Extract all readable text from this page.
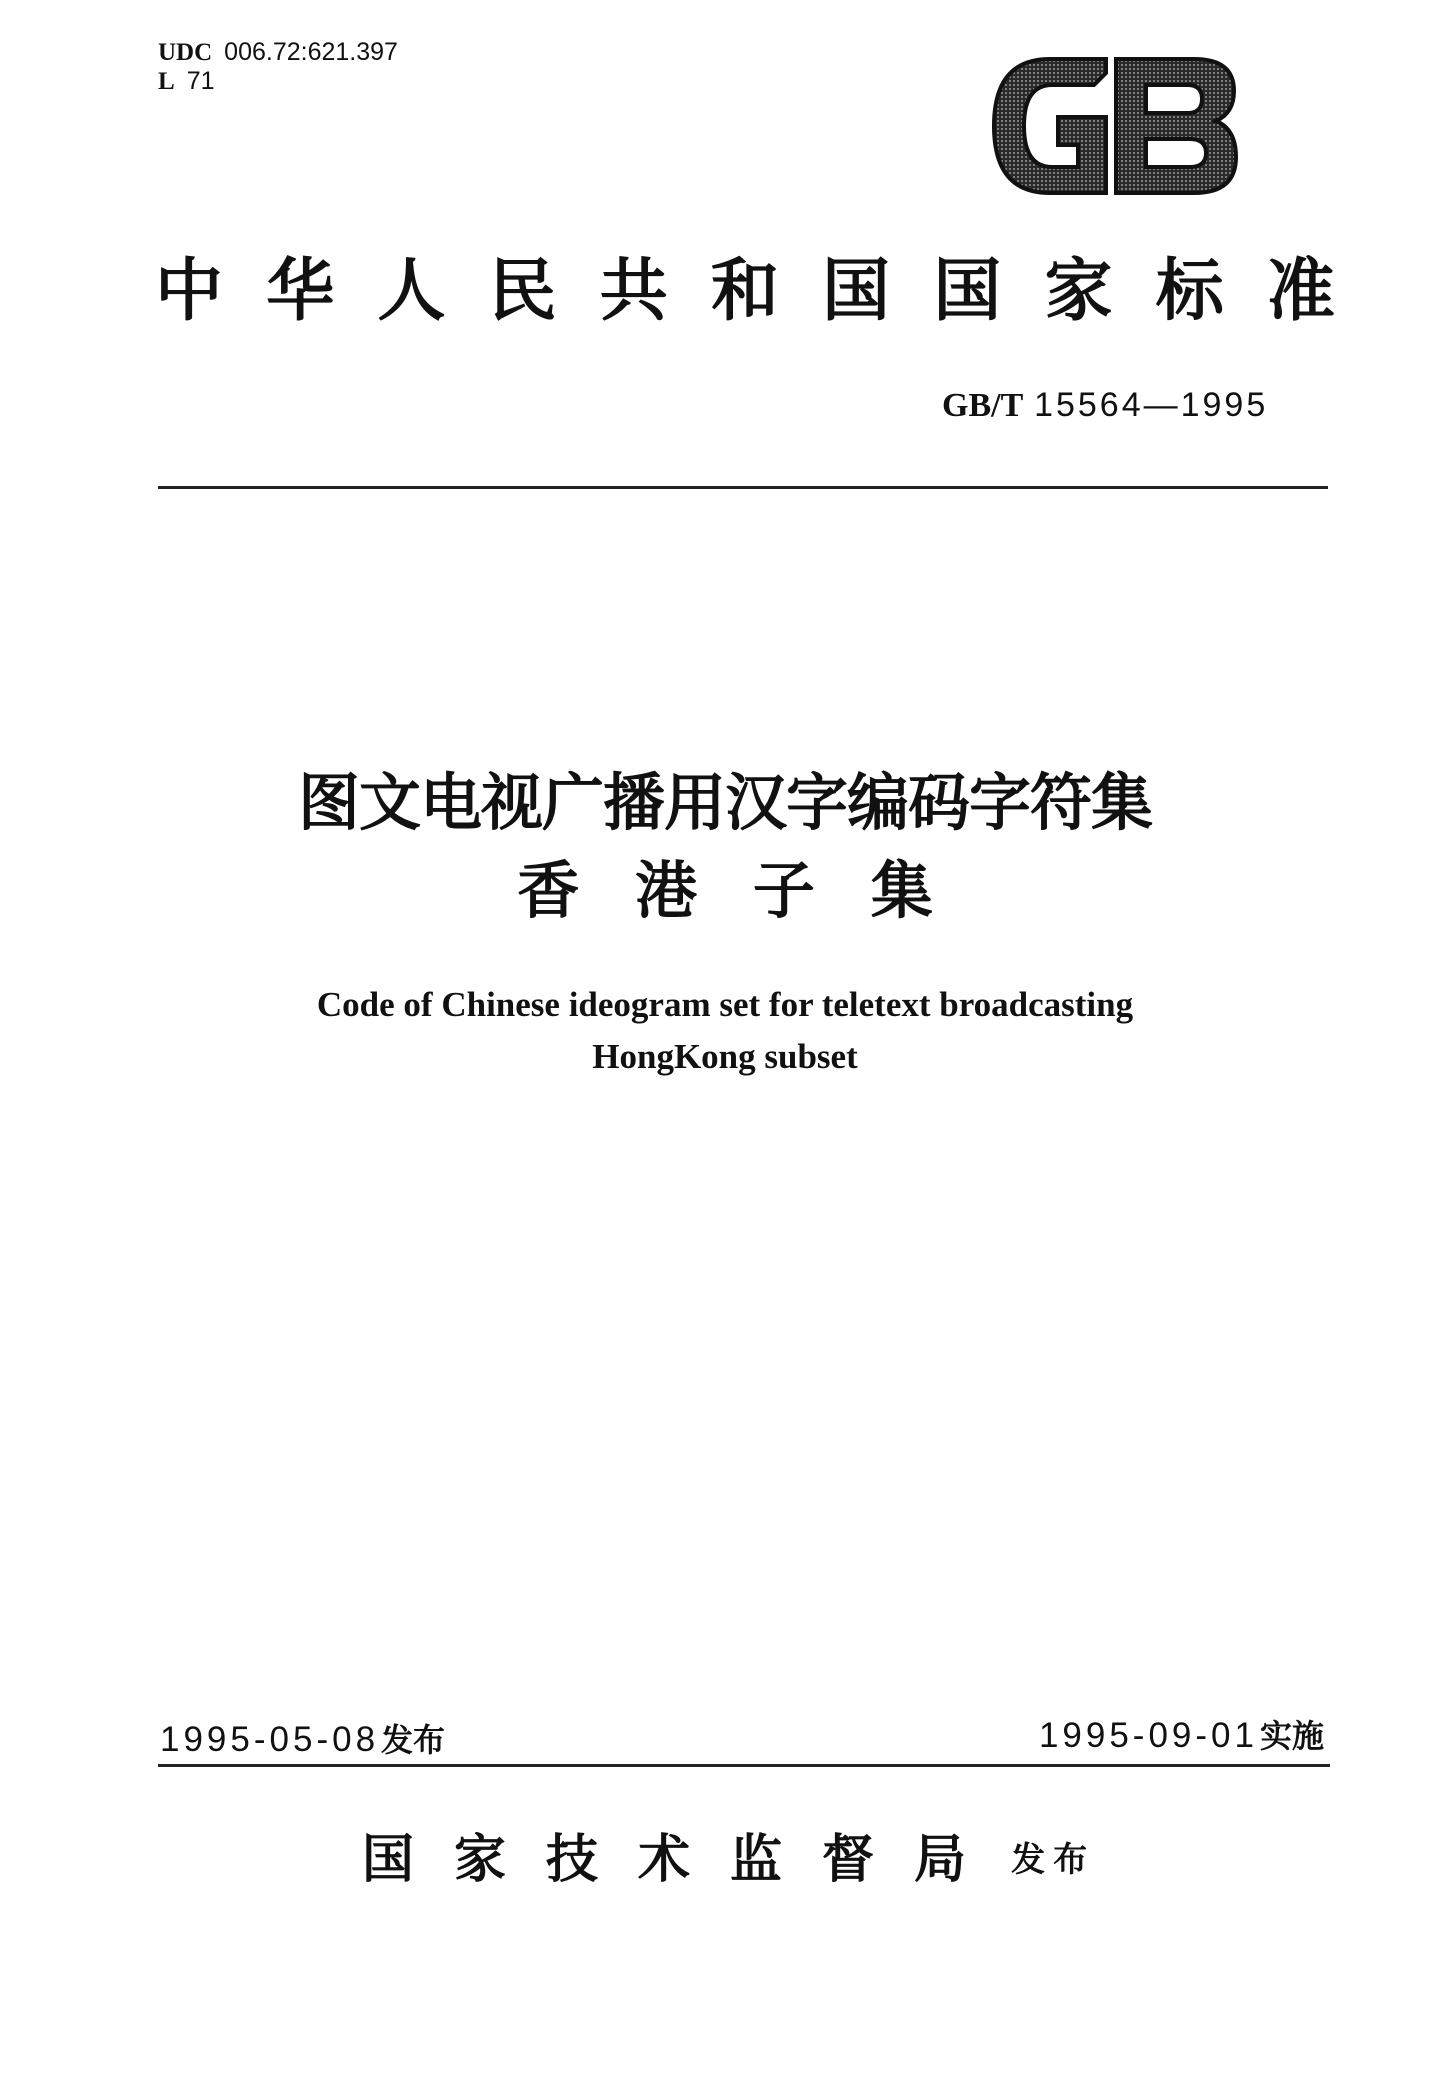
UDC 006.72:621.397
L 71
中 华 人 民 共 和 国 国 家 标 准
GB/T 15564—1995
图文电视广播用汉字编码字符集
香港子集
Code of Chinese ideogram set for teletext broadcasting
HongKong subset
1995-05-08发布	1995-09-01实施
国家技术监督局 发布
